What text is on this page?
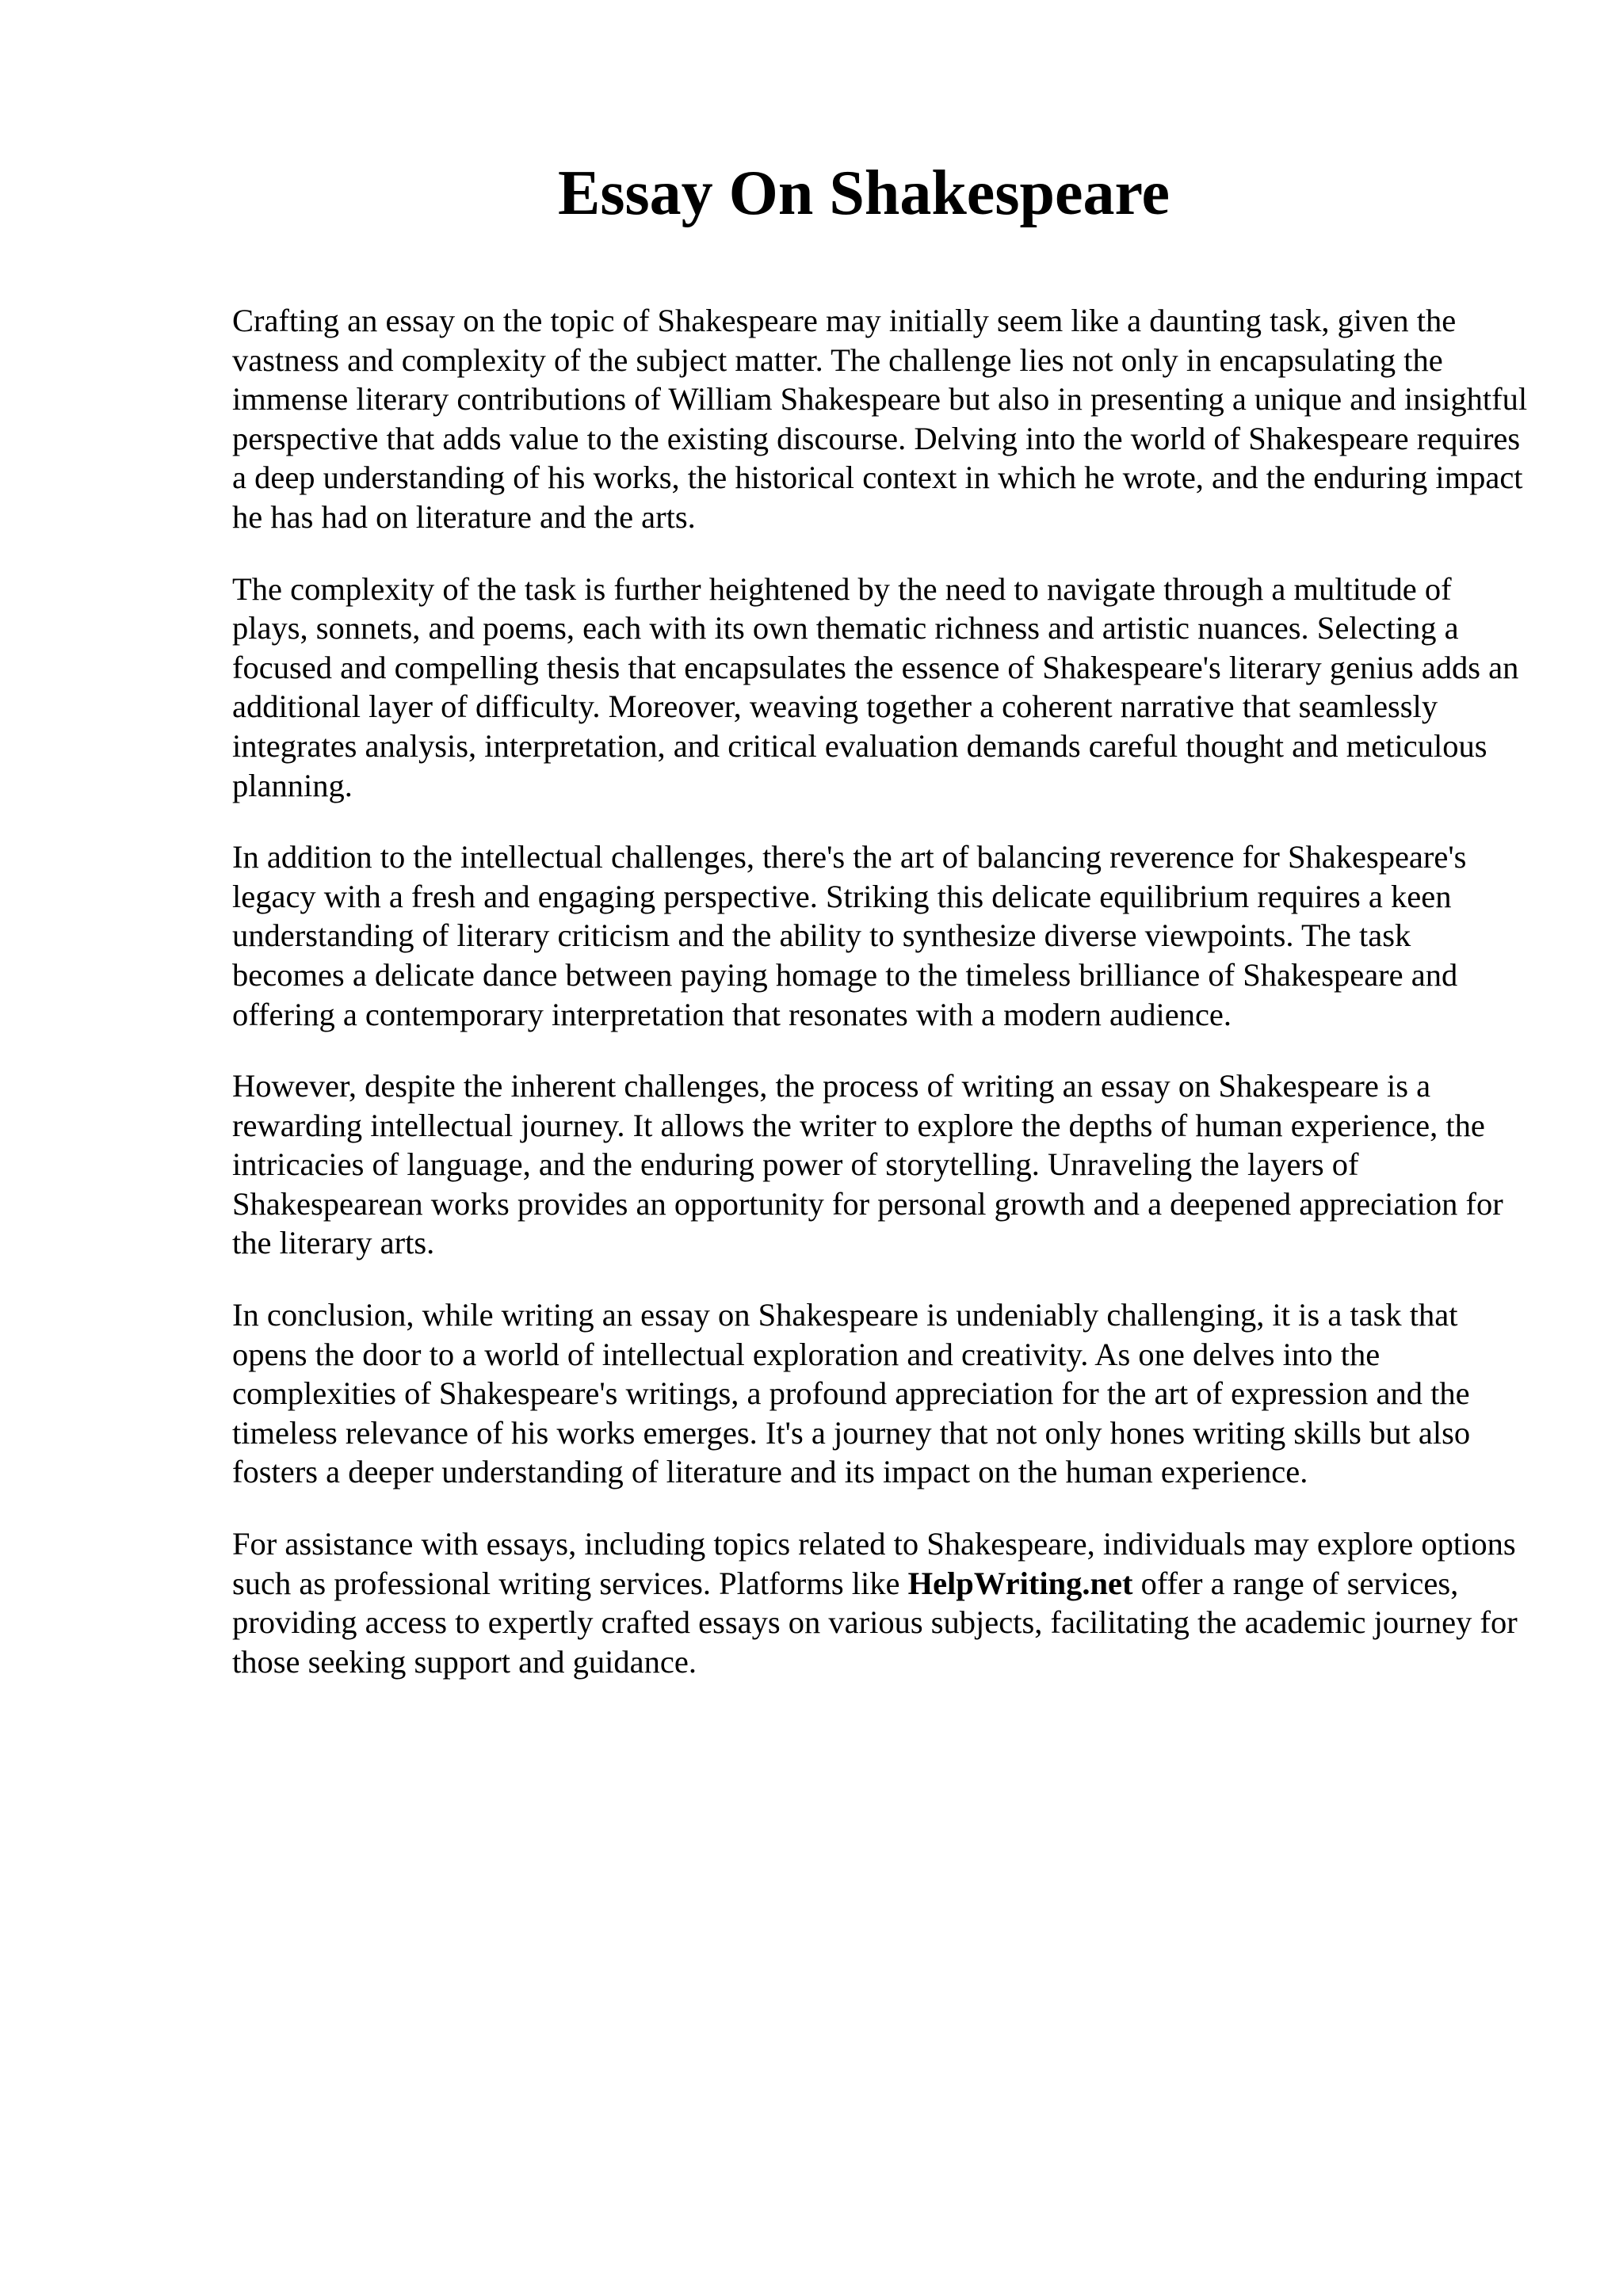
Essay On Shakespeare

Crafting an essay on the topic of Shakespeare may initially seem like a daunting task, given the vastness and complexity of the subject matter. The challenge lies not only in encapsulating the immense literary contributions of William Shakespeare but also in presenting a unique and insightful perspective that adds value to the existing discourse. Delving into the world of Shakespeare requires a deep understanding of his works, the historical context in which he wrote, and the enduring impact he has had on literature and the arts.

The complexity of the task is further heightened by the need to navigate through a multitude of plays, sonnets, and poems, each with its own thematic richness and artistic nuances. Selecting a focused and compelling thesis that encapsulates the essence of Shakespeare's literary genius adds an additional layer of difficulty. Moreover, weaving together a coherent narrative that seamlessly integrates analysis, interpretation, and critical evaluation demands careful thought and meticulous planning.

In addition to the intellectual challenges, there's the art of balancing reverence for Shakespeare's legacy with a fresh and engaging perspective. Striking this delicate equilibrium requires a keen understanding of literary criticism and the ability to synthesize diverse viewpoints. The task becomes a delicate dance between paying homage to the timeless brilliance of Shakespeare and offering a contemporary interpretation that resonates with a modern audience.

However, despite the inherent challenges, the process of writing an essay on Shakespeare is a rewarding intellectual journey. It allows the writer to explore the depths of human experience, the intricacies of language, and the enduring power of storytelling. Unraveling the layers of Shakespearean works provides an opportunity for personal growth and a deepened appreciation for the literary arts.

In conclusion, while writing an essay on Shakespeare is undeniably challenging, it is a task that opens the door to a world of intellectual exploration and creativity. As one delves into the complexities of Shakespeare's writings, a profound appreciation for the art of expression and the timeless relevance of his works emerges. It's a journey that not only hones writing skills but also fosters a deeper understanding of literature and its impact on the human experience.

For assistance with essays, including topics related to Shakespeare, individuals may explore options such as professional writing services. Platforms like HelpWriting.net offer a range of services, providing access to expertly crafted essays on various subjects, facilitating the academic journey for those seeking support and guidance.
